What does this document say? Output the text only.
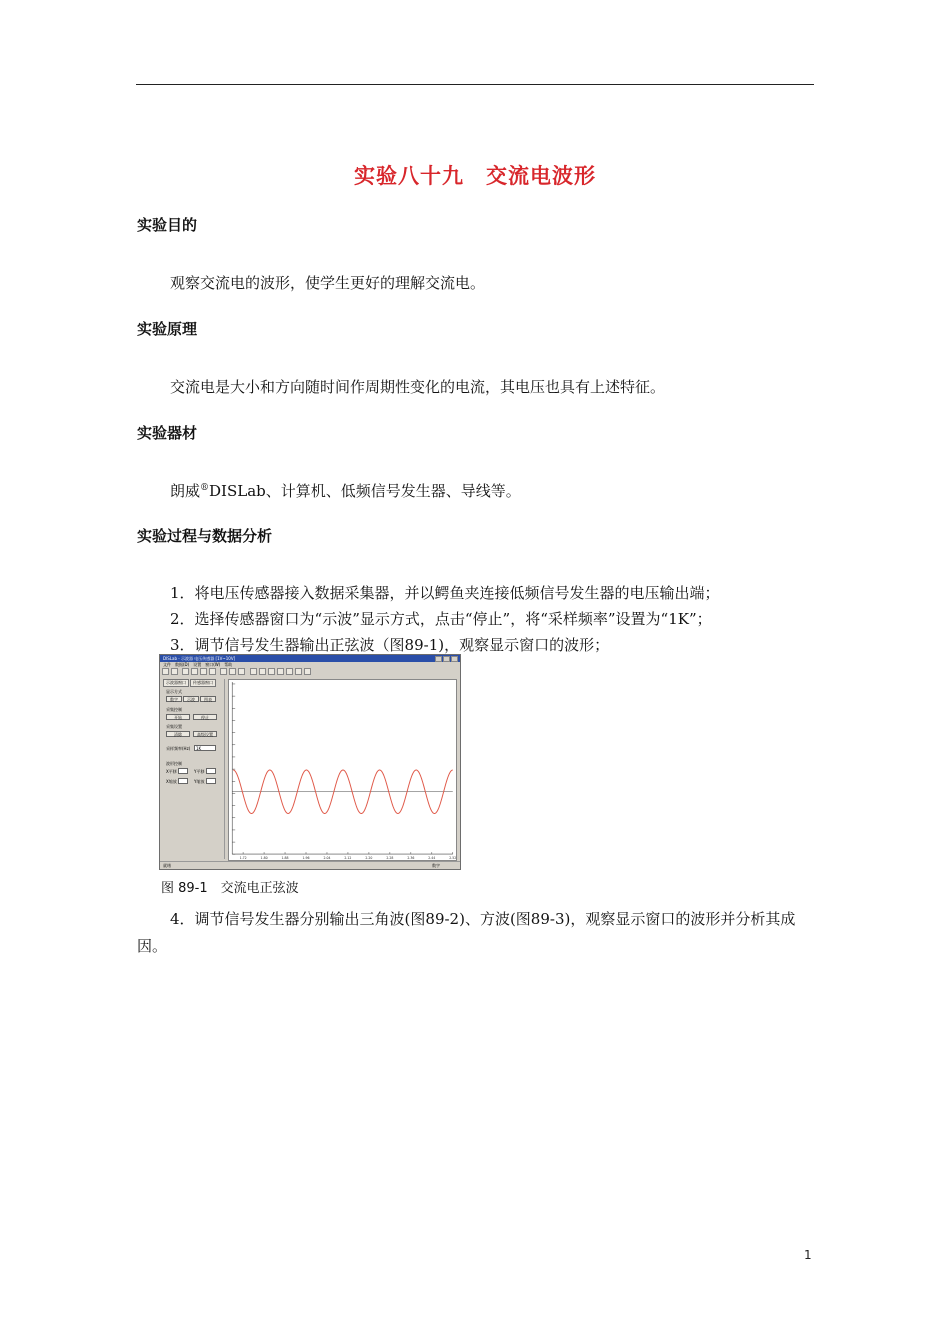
实验八十九　交流电波形
实验目的
观察交流电的波形，使学生更好的理解交流电。
实验原理
交流电是大小和方向随时间作周期性变化的电流，其电压也具有上述特征。
实验器材
朗威®DISLab、计算机、低频信号发生器、导线等。
实验过程与数据分析
1．将电压传感器接入数据采集器，并以鳄鱼夹连接低频信号发生器的电压输出端；
2．选择传感器窗口为“示波”显示方式，点击“停止”，将“采样频率”设置为“1K”；
3．调节信号发生器输出正弦波（图89-1)，观察显示窗口的波形；
DISLab - 示波器 电压传感器 [1V~10V]
文件 数据(D) 设置 窗口(W) 帮助
示波器窗口 传感器窗口
显示方式
数字	示波	图表
采集控制
开始	停止
采集设置
清除	高级设置
采样频率(Hz)	1K
波形控制
X平移	Y平移
X缩放	Y缩放
1.72	1.80	1.88	1.96	2.04	2.12	2.20	2.28	2.36	2.44	2.52
就绪	数字
图 89-1　交流电正弦波
4．调节信号发生器分别输出三角波(图89-2)、方波(图89-3)，观察显示窗口的波形并分析其成因。
1
